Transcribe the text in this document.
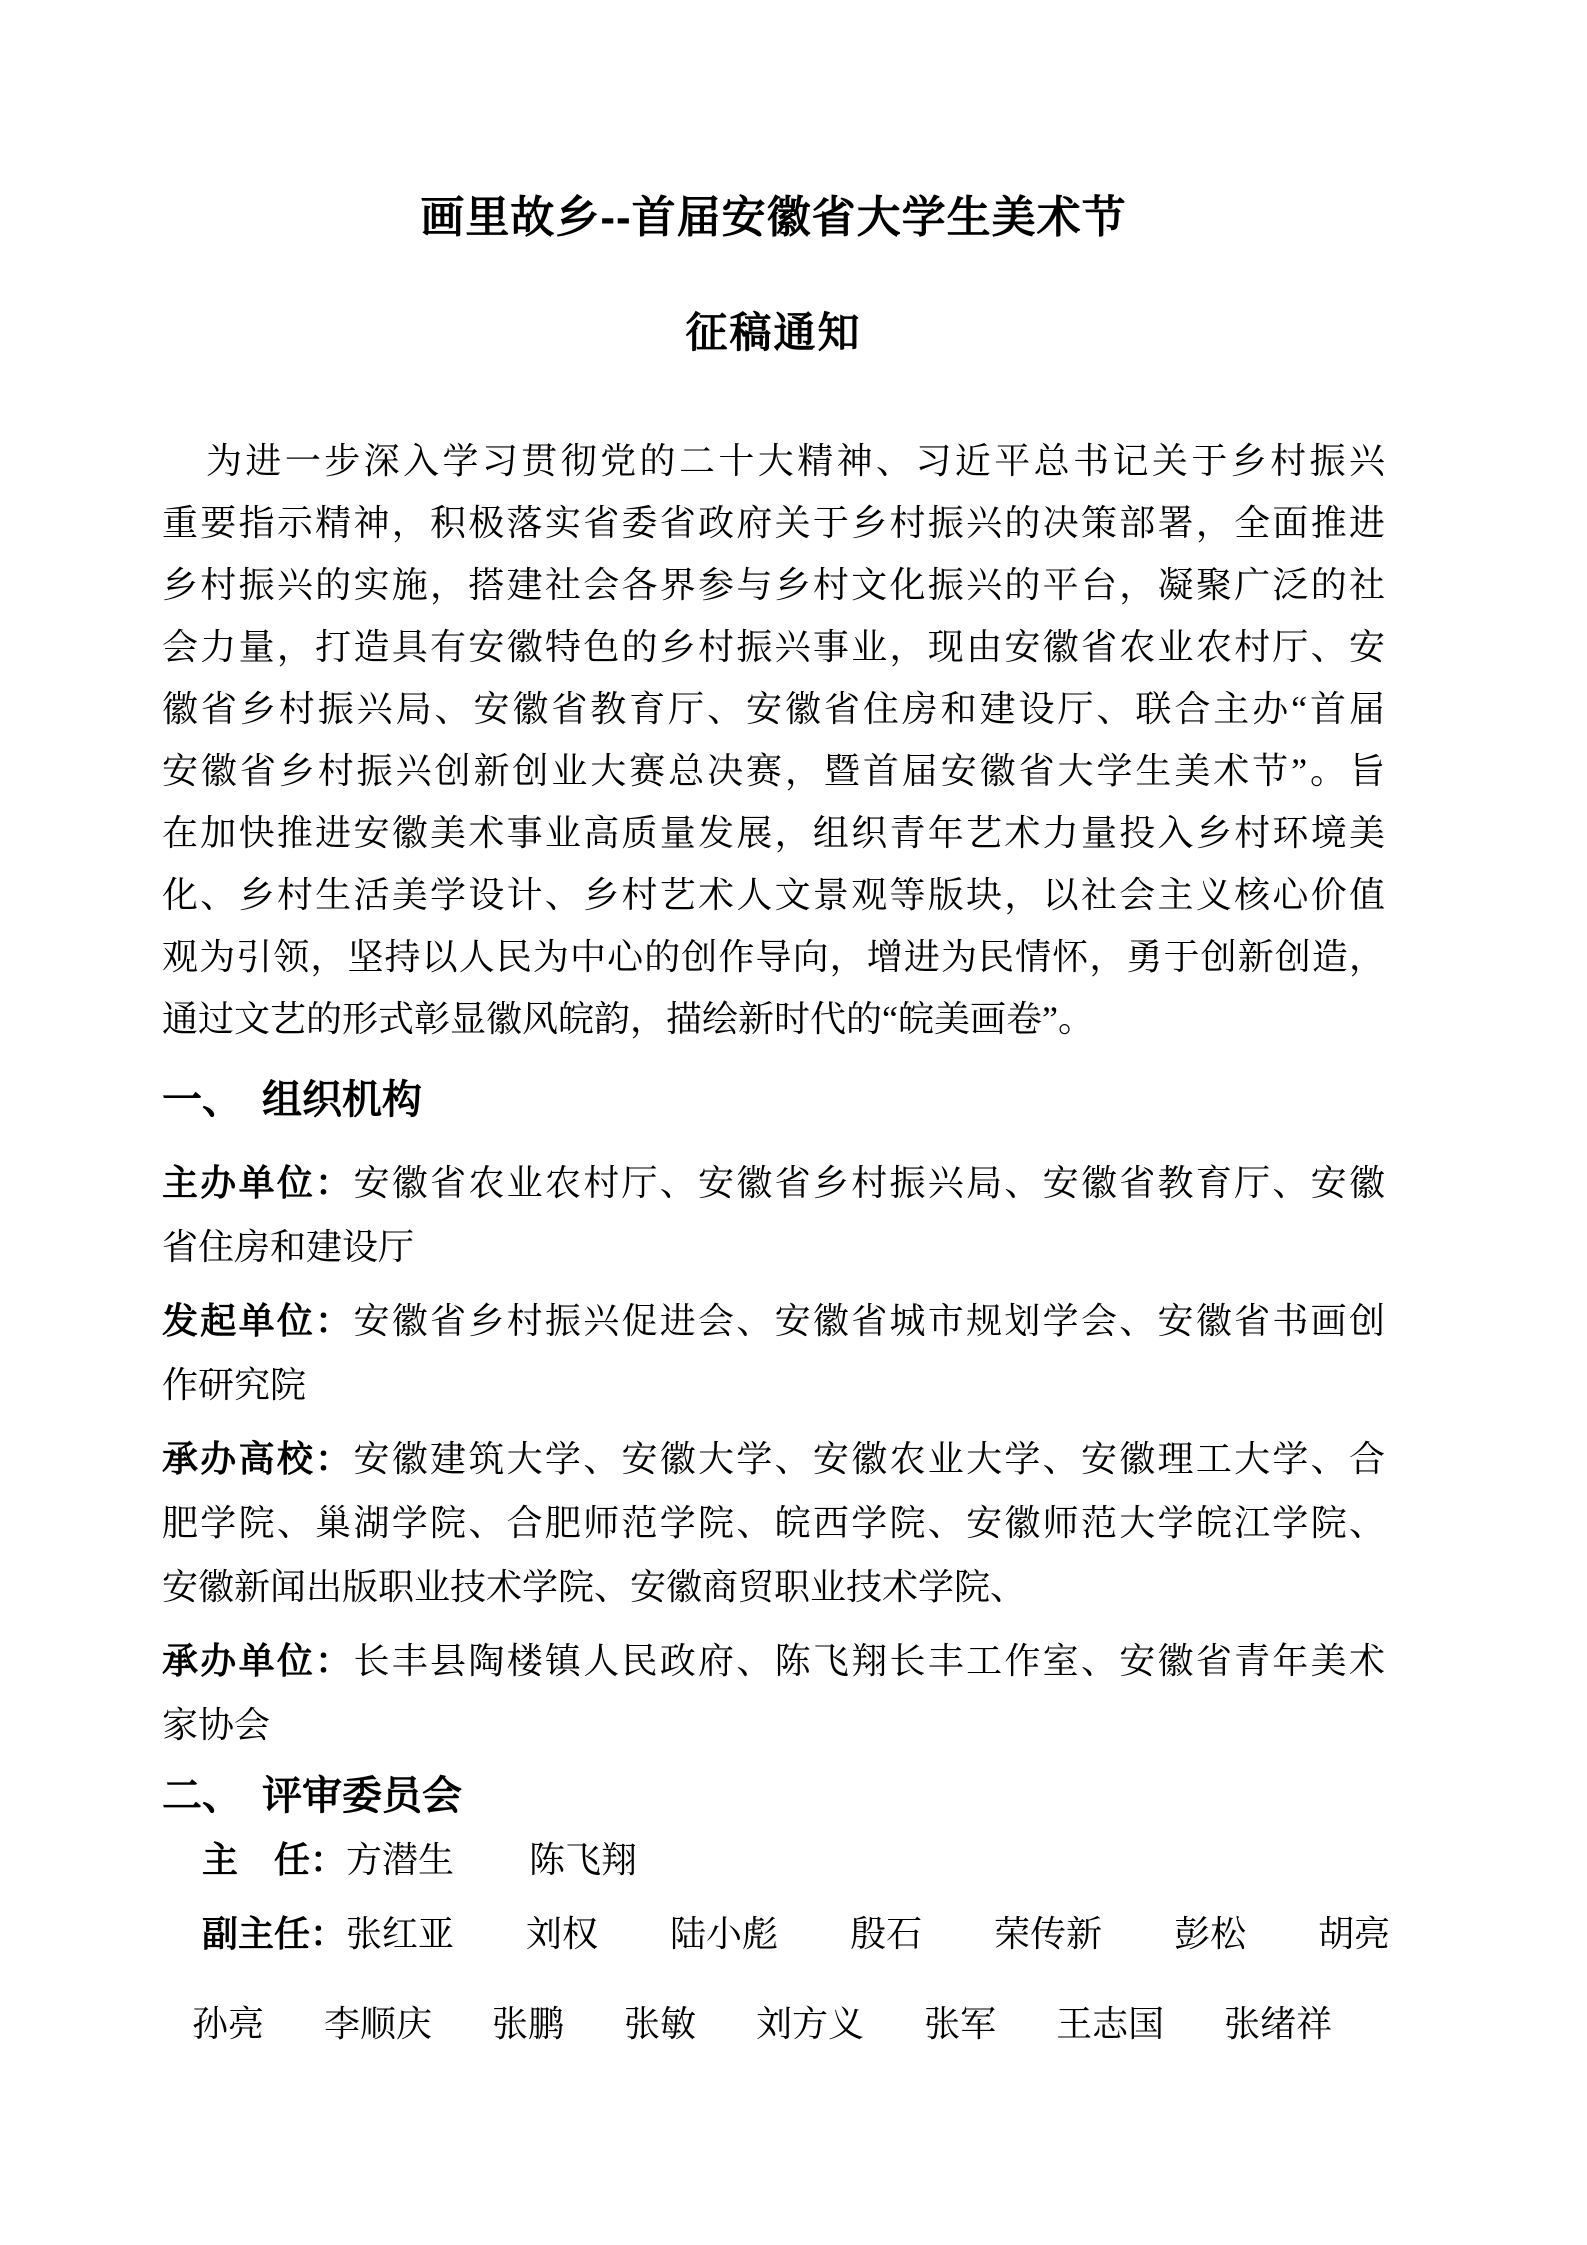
画里故乡--首届安徽省大学生美术节
征稿通知
为进一步深入学习贯彻党的二十大精神、习近平总书记关于乡村振兴
重要指示精神，积极落实省委省政府关于乡村振兴的决策部署，全面推进
乡村振兴的实施，搭建社会各界参与乡村文化振兴的平台，凝聚广泛的社
会力量，打造具有安徽特色的乡村振兴事业，现由安徽省农业农村厅、安
徽省乡村振兴局、安徽省教育厅、安徽省住房和建设厅、联合主办“首届
安徽省乡村振兴创新创业大赛总决赛，暨首届安徽省大学生美术节”。旨
在加快推进安徽美术事业高质量发展，组织青年艺术力量投入乡村环境美
化、乡村生活美学设计、乡村艺术人文景观等版块，以社会主义核心价值
观为引领，坚持以人民为中心的创作导向，增进为民情怀，勇于创新创造，
通过文艺的形式彰显徽风皖韵，描绘新时代的“皖美画卷”。
一、　组织机构
主办单位：安徽省农业农村厅、安徽省乡村振兴局、安徽省教育厅、安徽
省住房和建设厅
发起单位：安徽省乡村振兴促进会、安徽省城市规划学会、安徽省书画创
作研究院
承办高校：安徽建筑大学、安徽大学、安徽农业大学、安徽理工大学、合
肥学院、巢湖学院、合肥师范学院、皖西学院、安徽师范大学皖江学院、
安徽新闻出版职业技术学院、安徽商贸职业技术学院、
承办单位：长丰县陶楼镇人民政府、陈飞翔长丰工作室、安徽省青年美术
家协会
二、　评审委员会
主　任： 方潜生 陈飞翔
副主任： 张红亚 刘权 陆小彪 殷石 荣传新 彭松 胡亮
孙亮 李顺庆 张鹏 张敏 刘方义 张军 王志国 张绪祥
